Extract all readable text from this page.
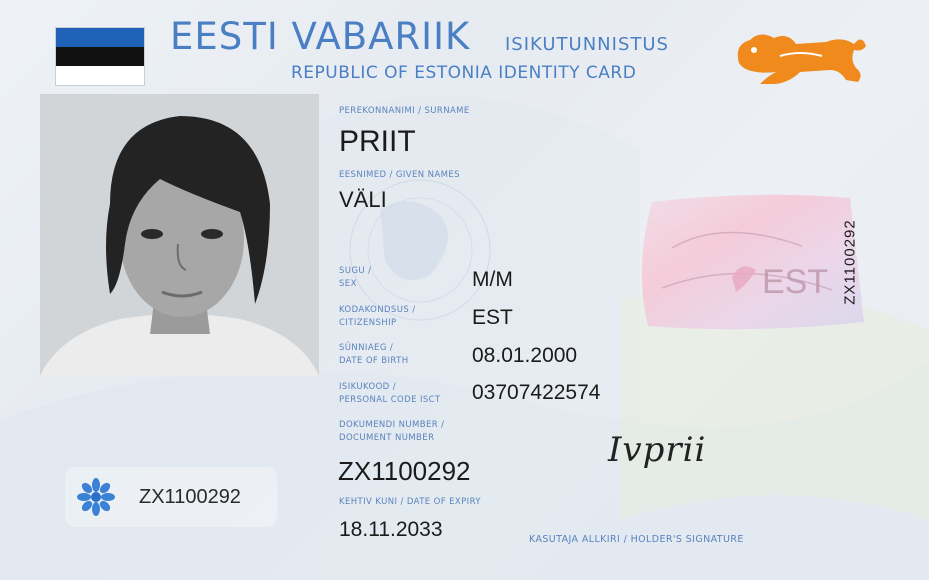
EESTI VABARIIK ISIKUTUNNISTUS
REPUBLIC OF ESTONIA IDENTITY CARD
PEREKONNANIMI / SURNAME
PRIIT
EESNIMED / GIVEN NAMES
VÄLI
SUGU /
SEX	M/M
KODAKONDSUS /
CITIZENSHIP	EST
SÜNNIAEG /
DATE OF BIRTH	08.01.2000
ISIKUKOOD /
PERSONAL CODE ISCT 03707422574
DOKUMENDI NUMBER /
DOCUMENT NUMBER
ZX1100292
KEHTIV KUNI / DATE OF EXPIRY
18.11.2033
EST ZX1100292
ZX1100292
Ivprii
KASUTAJA ALLKIRI / HOLDER'S SIGNATURE
